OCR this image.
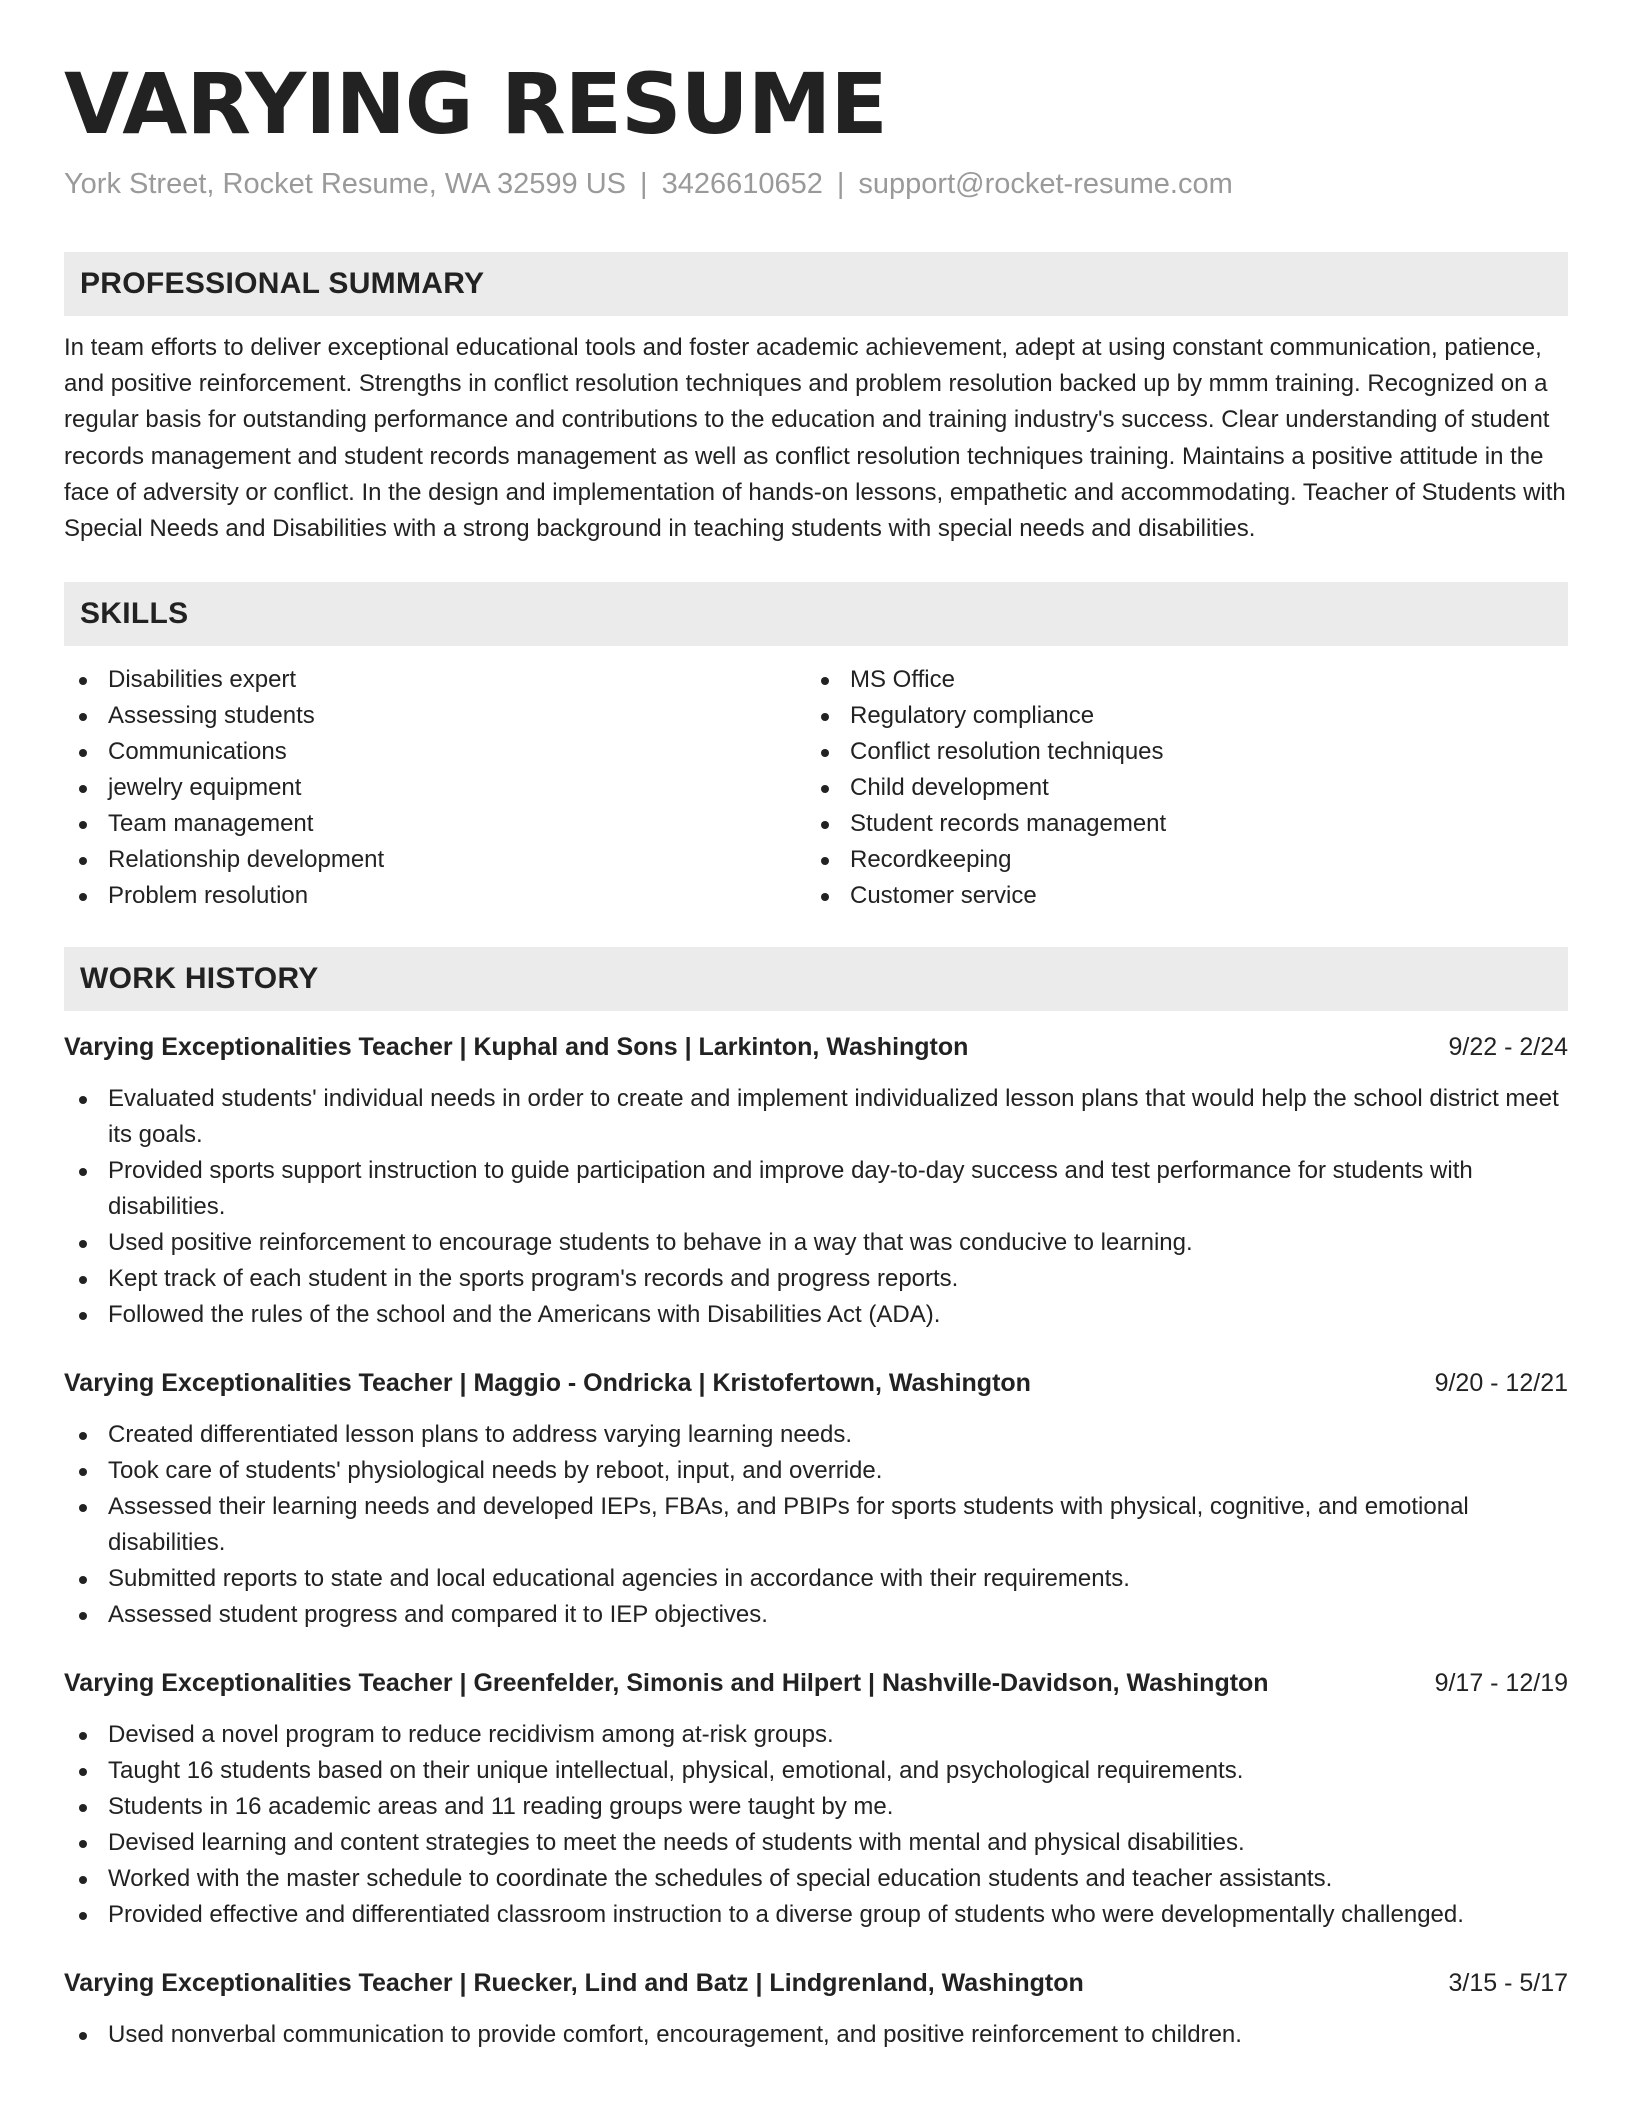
VARYING RESUME
York Street, Rocket Resume, WA 32599 US | 3426610652 | support@rocket-resume.com
PROFESSIONAL SUMMARY

In team efforts to deliver exceptional educational tools and foster academic achievement, adept at using constant communication, patience, and positive reinforcement. Strengths in conflict resolution techniques and problem resolution backed up by mmm training. Recognized on a regular basis for outstanding performance and contributions to the education and training industry's success. Clear understanding of student records management and student records management as well as conflict resolution techniques training. Maintains a positive attitude in the face of adversity or conflict. In the design and implementation of hands-on lessons, empathetic and accommodating. Teacher of Students with Special Needs and Disabilities with a strong background in teaching students with special needs and disabilities.

SKILLS
Disabilities expert
Assessing students
Communications
jewelry equipment
Team management
Relationship development
Problem resolution
MS Office
Regulatory compliance
Conflict resolution techniques
Child development
Student records management
Recordkeeping
Customer service
WORK HISTORY
Varying Exceptionalities Teacher | Kuphal and Sons | Larkinton, Washington	9/22 - 2/24
Evaluated students' individual needs in order to create and implement individualized lesson plans that would help the school district meet its goals.
Provided sports support instruction to guide participation and improve day-to-day success and test performance for students with disabilities.
Used positive reinforcement to encourage students to behave in a way that was conducive to learning.
Kept track of each student in the sports program's records and progress reports.
Followed the rules of the school and the Americans with Disabilities Act (ADA).
Varying Exceptionalities Teacher | Maggio - Ondricka | Kristofertown, Washington	9/20 - 12/21
Created differentiated lesson plans to address varying learning needs.
Took care of students' physiological needs by reboot, input, and override.
Assessed their learning needs and developed IEPs, FBAs, and PBIPs for sports students with physical, cognitive, and emotional disabilities.
Submitted reports to state and local educational agencies in accordance with their requirements.
Assessed student progress and compared it to IEP objectives.
Varying Exceptionalities Teacher | Greenfelder, Simonis and Hilpert | Nashville-Davidson, Washington	9/17 - 12/19
Devised a novel program to reduce recidivism among at-risk groups.
Taught 16 students based on their unique intellectual, physical, emotional, and psychological requirements.
Students in 16 academic areas and 11 reading groups were taught by me.
Devised learning and content strategies to meet the needs of students with mental and physical disabilities.
Worked with the master schedule to coordinate the schedules of special education students and teacher assistants.
Provided effective and differentiated classroom instruction to a diverse group of students who were developmentally challenged.
Varying Exceptionalities Teacher | Ruecker, Lind and Batz | Lindgrenland, Washington	3/15 - 5/17
Used nonverbal communication to provide comfort, encouragement, and positive reinforcement to children.
